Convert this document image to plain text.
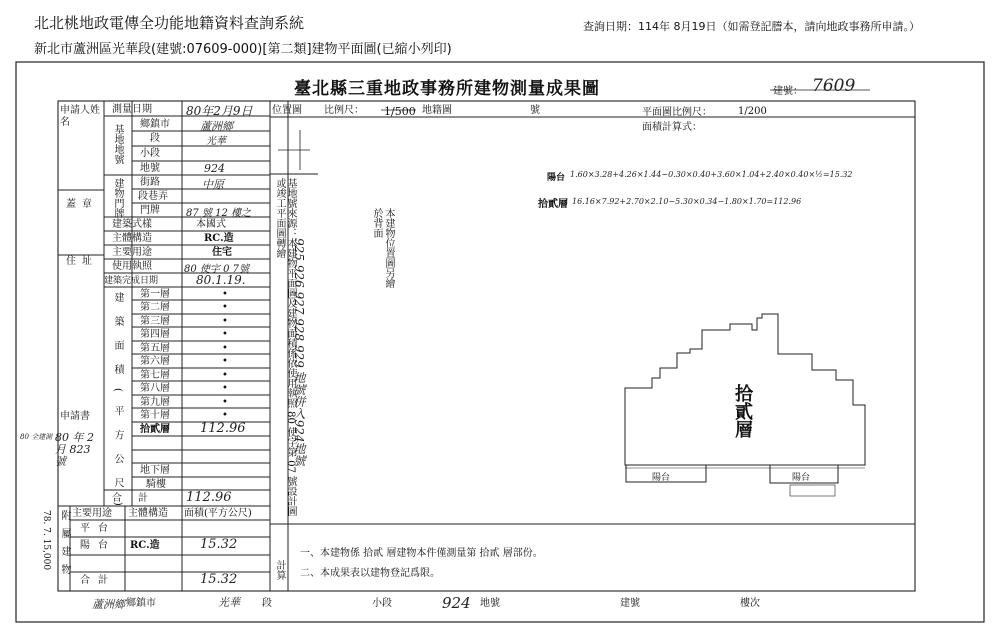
北北桃地政電傳全功能地籍資料查詢系統	查詢日期：114年 8月19日（如需登記謄本，請向地政事務所申請。）
新北市蘆洲區光華段(建號:07609-000)[第二類]建物平面圖(已縮小列印)
臺北縣三重地政事務所建物測量成果圖	建號： 7609
申請人姓名
蓋章
住址
申請書
80 年 2 月 823 號
80 全建測
78. 7. 15,000
測量日期	80年2月9日
基地地號 鄉鎮市	蘆洲鄉
段	光華
小段
地號	924
建物門牌 街路	中原
段巷弄
門牌	87 號 12 樓之
建築式樣	本國式
主體構造	RC.造
主要用途	住宅
使用執照	80 使字 0 7號
建築完成日期	80.1.19.
建築面積(平方公尺) 第一層	•
第二層	•
第三層	•
第四層	•
第五層	•
第六層	•
第七層	•
第八層	•
第九層	•
第十層	•
拾貳層 112.96
地下層
騎樓
合計 112.96
附屬建物 主要用途 主體構造 面積(平方公尺)
平台
陽台 RC.造	15.32
合計	15.32	計算
位置圖 比例尺： 1/500 地籍圖	號	平面圖比例尺：	1/200
面積計算式：
陽台 1.60×3.28+4.26×1.44−0.30×0.40+3.60×1.04+2.40×0.40×½=15.32
拾貳層 16.16×7.92+2.70×2.10−5.30×0.34−1.80×1.70=112.96
基地號來源：本建物平面圖及建物面積係依使用執照 80 使字第 07 號設計圖或竣工平面圖轉繪
925 926 927 928 929 地號併入924地號	本建物位置圖另繪於背面
拾貳層
陽台	陽台
一、本建物係 拾貳 層建物本件僅測量第 拾貳 層部份。
二、本成果表以建物登記爲限。
蘆洲鄉 鄉鎮市	光華 段	小段	924 地號	建號	樓次
